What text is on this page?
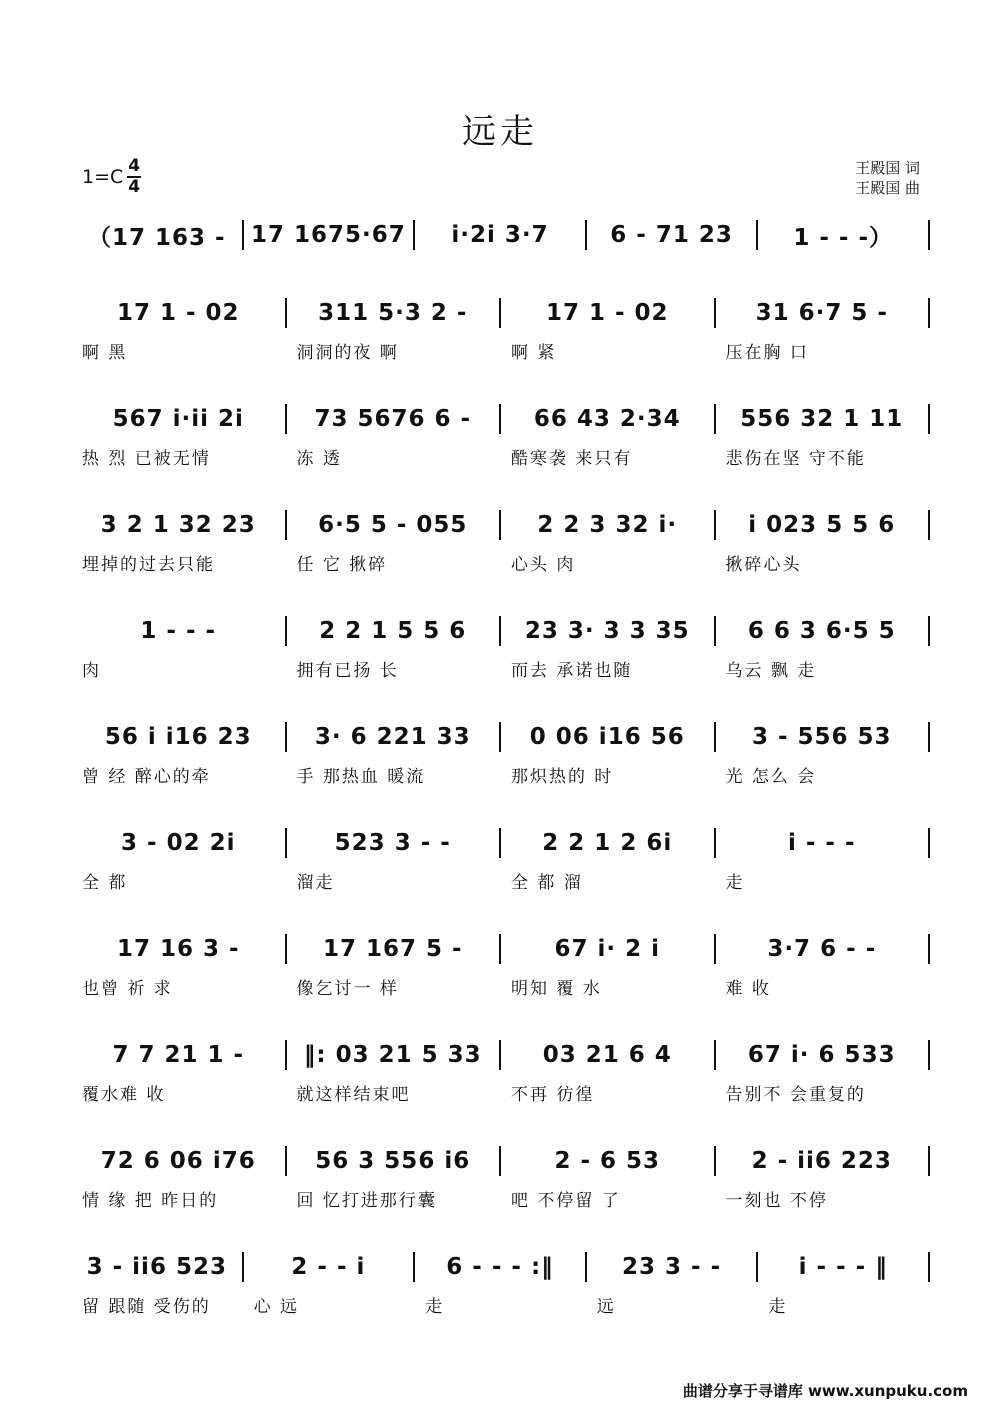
远走
$1=C \frac{4}{4}$	王殿国 词
王殿国 曲
（17 163 -	17 1675·67	i·2i 3·7	6 - 71 23	1 - - -）
17 1 - 02	311 5·3 2 -	17 1 - 02	31 6·7 5 -
啊 黑	洞洞的夜 啊	啊 紧	压在胸 口
567 i·ii 2i	73 5676 6 -	66 43 2·34	556 32 1 11
热 烈 已被无情	冻 透	酷寒袭 来只有	悲伤在坚 守不能
3 2 1 32 23	6·5 5 - 055	2 2 3 32 i·	i 023 5 5 6
埋掉的过去只能	任 它 揪碎	心头 肉	揪碎心头
1 - - -	2 2 1 5 5 6	23 3· 3 3 35	6 6 3 6·5 5
肉	拥有已扬 长	而去 承诺也随	乌云 飘 走
56 i i16 23	3· 6 221 33	0 06 i16 56	3 - 556 53
曾 经 醉心的牵	手 那热血 暖流	那炽热的 时	光 怎么 会
3 - 02 2i	523 3 - -	2 2 1 2 6i	i - - -
全 都	溜走	全 都 溜	走
17 16 3 -	17 167 5 -	67 i· 2 i	3·7 6 - -
也曾 祈 求	像乞讨一 样	明知 覆 水	难 收
7 7 21 1 -	‖: 03 21 5 33	03 21 6 4	67 i· 6 533
覆水难 收	就这样结束吧	不再 彷徨	告别不 会重复的
72 6 06 i76	56 3 556 i6	2 - 6 53	2 - ii6 223
情 缘 把 昨日的	回 忆打进那行囊	吧 不停留 了	一刻也 不停
3 - ii6 523	2 - - i	6 - - - :‖	23 3 - -	i - - - ‖
留 跟随 受伤的	心 远	走	远	走
曲谱分享于寻谱库 www.xunpuku.com
